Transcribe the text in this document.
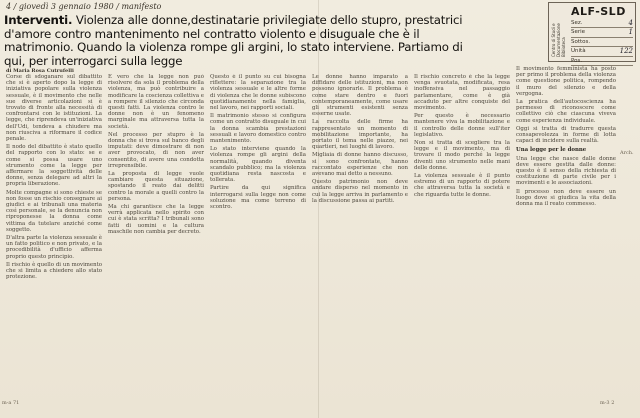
4 / giovedì 3 gennaio 1980 / manifesto
Interventi. Violenza alle donne,destinatarie privilegiate dello stupro, prestatrici d'amore contro mantenimento nel contratto violento e disuguale che è il matrimonio. Quando la violenza rompe gli argini, lo stato interviene. Partiamo di qui, per interrogarci sulla legge
di Maria Rosa Cutrufelli

Corse di sdoganare sul dibattito che si è aperto dopo la legge di iniziativa popolare sulla violenza sessuale, è il movimento che nelle sue diverse articolazioni si è trovato di fronte alla necessità di confrontarsi con le istituzioni. La legge, che riprendeva un'iniziativa dell'Udi, tendeva a chiudere ma non riusciva a riformare il codice penale.

Il nodo del dibattito è stato quello del rapporto con lo stato: se e come si possa usare uno strumento come la legge per affermare la soggettività delle donne, senza delegare ad altri la propria liberazione.

Molte compagne si sono chieste se non fosse un rischio consegnare ai giudici e ai tribunali una materia così personale, se la denuncia non riproponesse la donna come vittima da tutelare anziché come soggetto.

D'altra parte la violenza sessuale è un fatto politico e non privato, e la procedibilità d'ufficio afferma proprio questo principio.

Il rischio è quello di un movimento che si limita a chiedere allo stato protezione.

È vero che la legge non può risolvere da sola il problema della violenza, ma può contribuire a modificare la coscienza collettiva e a rompere il silenzio che circonda questi fatti. La violenza contro le donne non è un fenomeno marginale ma attraversa tutta la società.

Nel processo per stupro è la donna che si trova sul banco degli imputati: deve dimostrare di non aver provocato, di non aver consentito, di avere una condotta irreprensibile.

La proposta di legge vuole cambiare questa situazione, spostando il reato dai delitti contro la morale a quelli contro la persona.

Ma chi garantisce che la legge verrà applicata nello spirito con cui è stata scritta? I tribunali sono fatti di uomini e la cultura maschile non cambia per decreto.

Questo è il punto su cui bisogna riflettere: la separazione tra la violenza sessuale e le altre forme di violenza che le donne subiscono quotidianamente nella famiglia, nel lavoro, nei rapporti sociali.

Il matrimonio stesso si configura come un contratto disuguale in cui la donna scambia prestazioni sessuali e lavoro domestico contro mantenimento.

Lo stato interviene quando la violenza rompe gli argini della normalità, quando diventa scandalo pubblico; ma la violenza quotidiana resta nascosta e tollerata.

Partire da qui significa interrogarsi sulla legge non come soluzione ma come terreno di scontro.

Le donne hanno imparato a diffidare delle istituzioni, ma non possono ignorarle. Il problema è come stare dentro e fuori contemporaneamente, come usare gli strumenti esistenti senza esserne usate.

La raccolta delle firme ha rappresentato un momento di mobilitazione importante, ha portato il tema nelle piazze, nei quartieri, nei luoghi di lavoro.

Migliaia di donne hanno discusso, si sono confrontate, hanno raccontato esperienze che non avevano mai detto a nessuno.

Questo patrimonio non deve andare disperso nel momento in cui la legge arriva in parlamento e la discussione passa ai partiti.

Il rischio concreto è che la legge venga svuotata, modificata, resa inoffensiva nel passaggio parlamentare, come è già accaduto per altre conquiste del movimento.

Per questo è necessario mantenere viva la mobilitazione e il controllo delle donne sull'iter legislativo.

Non si tratta di scegliere tra la legge e il movimento, ma di trovare il modo perché la legge diventi uno strumento nelle mani delle donne.

La violenza sessuale è il punto estremo di un rapporto di potere che attraversa tutta la società e che riguarda tutte le donne.

Il movimento femminista ha posto per primo il problema della violenza come questione politica, rompendo il muro del silenzio e della vergogna.

La pratica dell'autocoscienza ha permesso di riconoscere come collettivo ciò che ciascuna viveva come esperienza individuale.

Oggi si tratta di tradurre questa consapevolezza in forme di lotta capaci di incidere sulla realtà.

Una legge per le donne

Una legge che nasce dalle donne deve essere gestita dalle donne: questo è il senso della richiesta di costituzione di parte civile per i movimenti e le associazioni.

Il processo non deve essere un luogo dove si giudica la vita della donna ma il reato commesso.

Centro di Studi e Documentazione Biblioteca
ALF-SLD
Sez.	4
Serie	1
Sottos.
Unità	122
Pos.
m-a 71	m-3 2
Arch.
